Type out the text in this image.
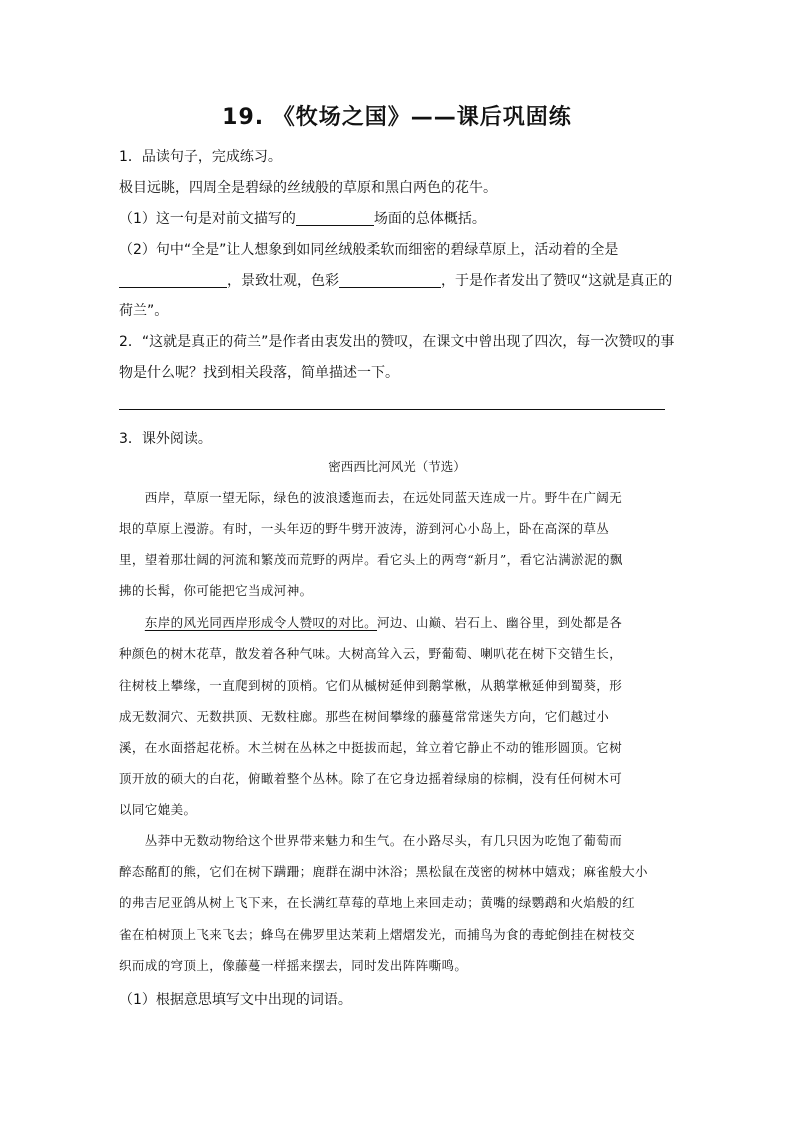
19. 《牧场之国》——课后巩固练
1．品读句子，完成练习。
极目远眺，四周全是碧绿的丝绒般的草原和黑白两色的花牛。
（1）这一句是对前文描写的	场面的总体概括。
（2）句中“全是”让人想象到如同丝绒般柔软而细密的碧绿草原上，活动着的全是
，景致壮观，色彩	，于是作者发出了赞叹“这就是真正的
荷兰”。
2．“这就是真正的荷兰”是作者由衷发出的赞叹，在课文中曾出现了四次，每一次赞叹的事
物是什么呢？找到相关段落，简单描述一下。
3．课外阅读。
密西西比河风光（节选）
　　西岸，草原一望无际，绿色的波浪逶迤而去，在远处同蓝天连成一片。野牛在广阔无
垠的草原上漫游。有时，一头年迈的野牛劈开波涛，游到河心小岛上，卧在高深的草丛
里，望着那壮阔的河流和繁茂而荒野的两岸。看它头上的两弯“新月”，看它沾满淤泥的飘
拂的长髯，你可能把它当成河神。
　　东岸的风光同西岸形成令人赞叹的对比。河边、山巅、岩石上、幽谷里，到处都是各
种颜色的树木花草，散发着各种气味。大树高耸入云，野葡萄、喇叭花在树下交错生长，
往树枝上攀缘，一直爬到树的顶梢。它们从槭树延伸到鹅掌楸，从鹅掌楸延伸到蜀葵，形
成无数洞穴、无数拱顶、无数柱廊。那些在树间攀缘的藤蔓常常迷失方向，它们越过小
溪，在水面搭起花桥。木兰树在丛林之中挺拔而起，耸立着它静止不动的锥形圆顶。它树
顶开放的硕大的白花，俯瞰着整个丛林。除了在它身边摇着绿扇的棕榈，没有任何树木可
以同它媲美。
　　丛莽中无数动物给这个世界带来魅力和生气。在小路尽头，有几只因为吃饱了葡萄而
醉态酩酊的熊，它们在树下蹒跚；鹿群在湖中沐浴；黑松鼠在茂密的树林中嬉戏；麻雀般大小
的弗吉尼亚鸽从树上飞下来，在长满红草莓的草地上来回走动；黄嘴的绿鹦鹉和火焰般的红
雀在柏树顶上飞来飞去；蜂鸟在佛罗里达茉莉上熠熠发光，而捕鸟为食的毒蛇倒挂在树枝交
织而成的穹顶上，像藤蔓一样摇来摆去，同时发出阵阵嘶鸣。
（1）根据意思填写文中出现的词语。
